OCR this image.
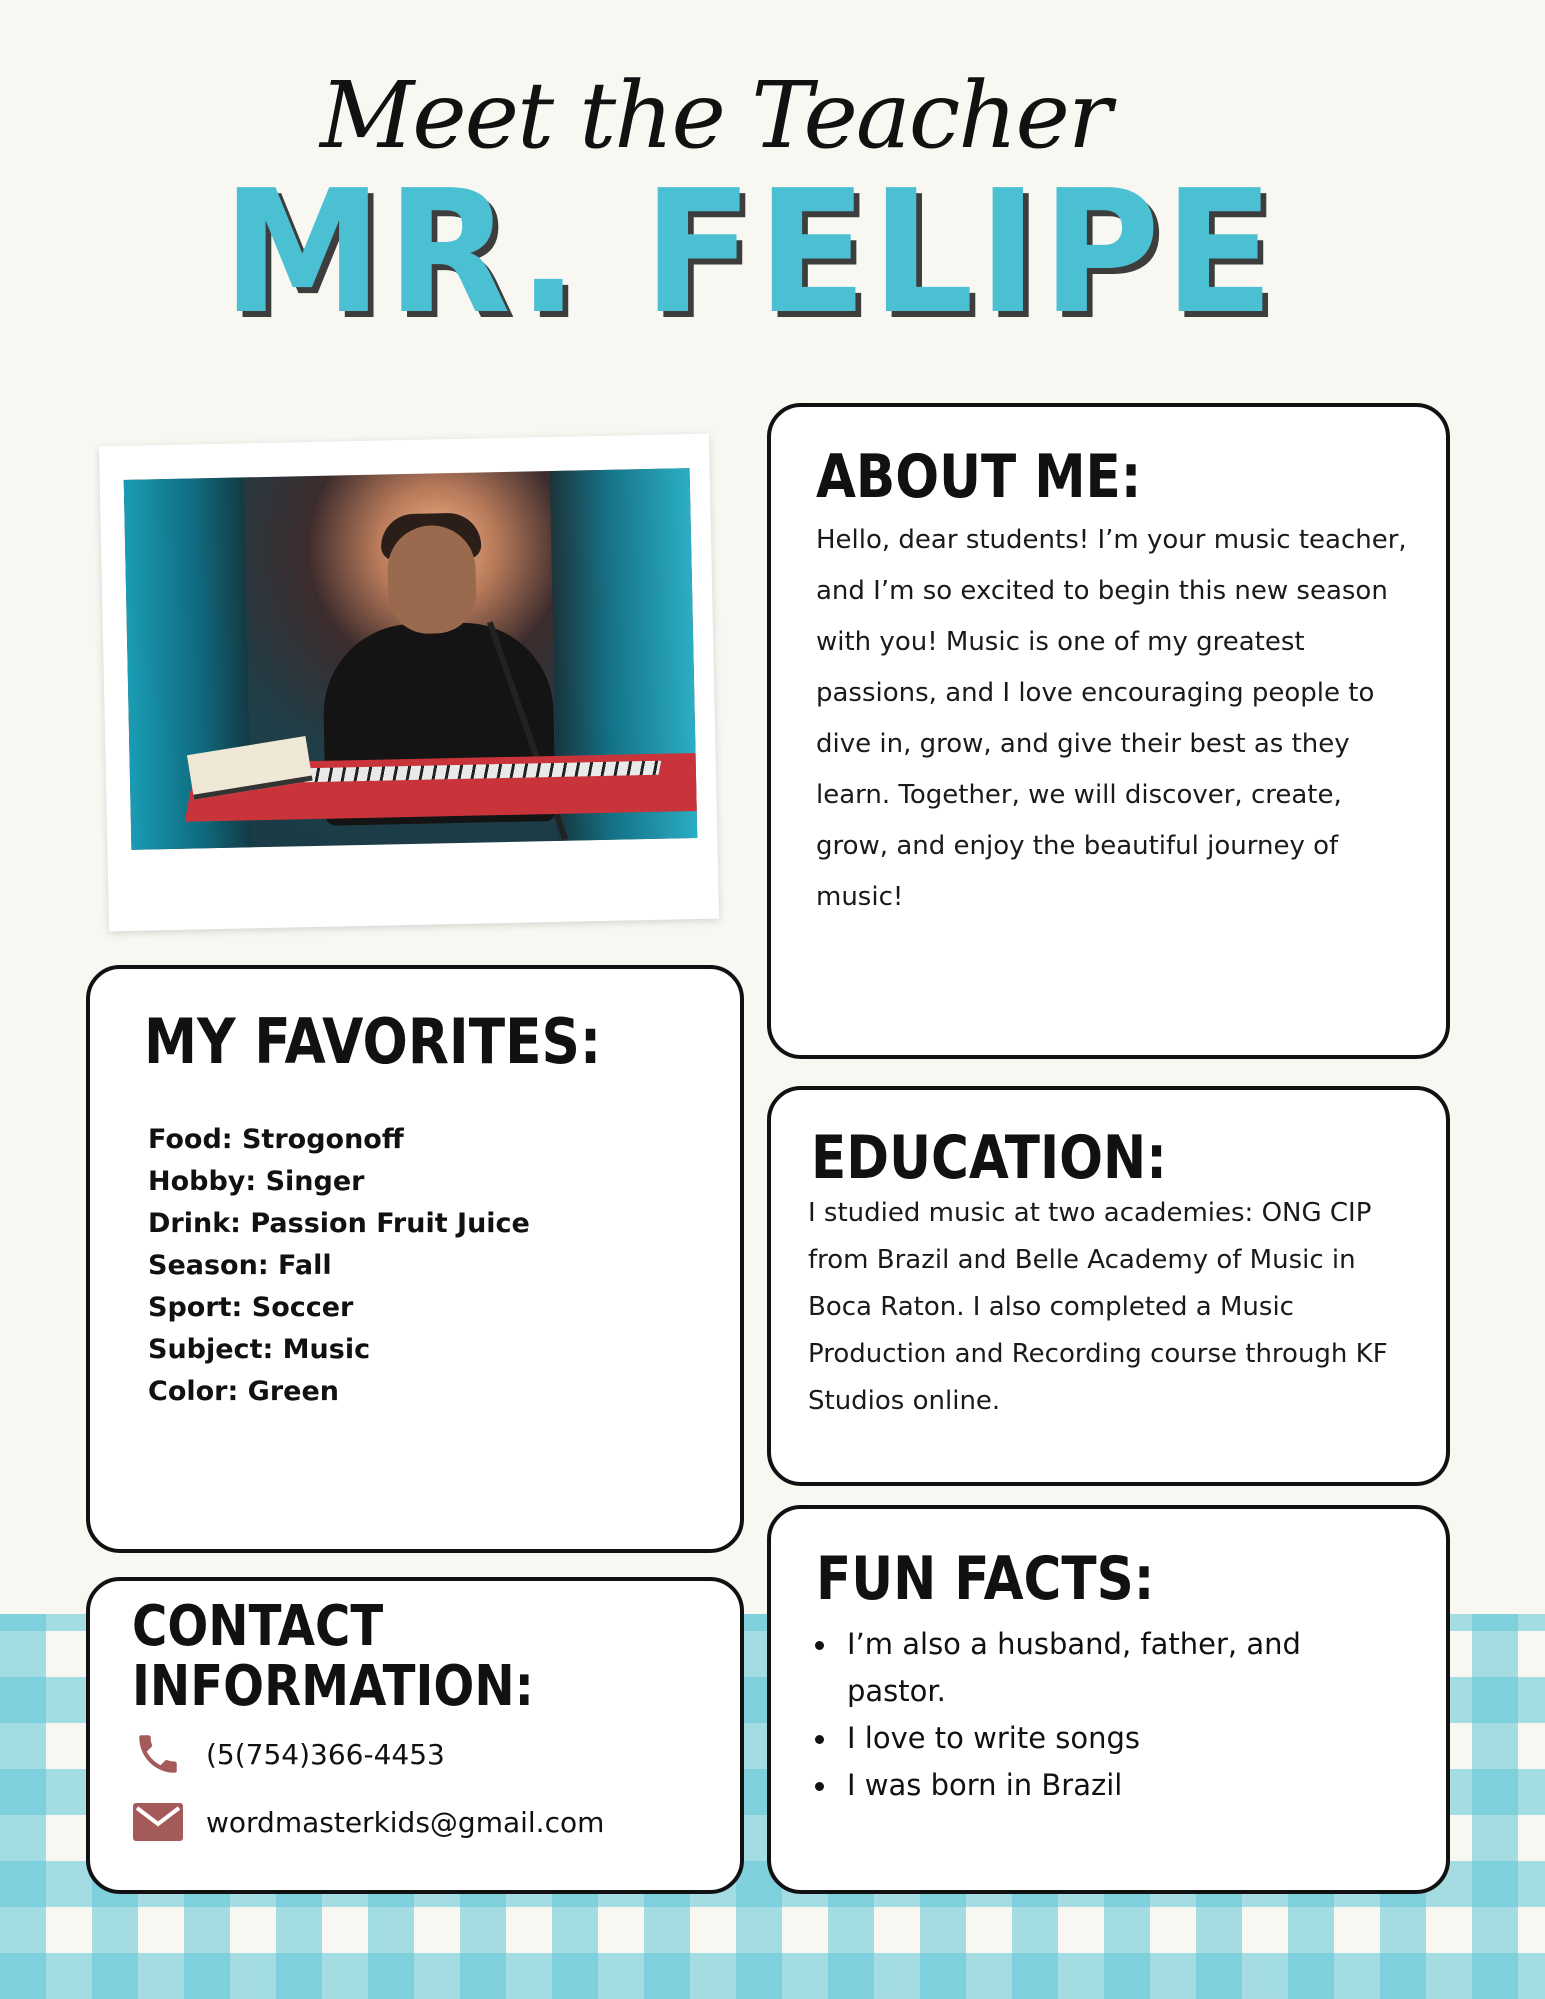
Meet the Teacher
MR. FELIPE
ABOUT ME:
Hello, dear students! I’m your music teacher, and I’m so excited to begin this new season with you! Music is one of my greatest passions, and I love encouraging people to dive in, grow, and give their best as they learn. Together, we will discover, create, grow, and enjoy the beautiful journey of music!
MY FAVORITES:
Food: Strogonoff
Hobby: Singer
Drink: Passion Fruit Juice
Season: Fall
Sport: Soccer
Subject: Music
Color: Green
EDUCATION:
I studied music at two academies: ONG CIP from Brazil and Belle Academy of Music in Boca Raton. I also completed a Music Production and Recording course through KF Studios online.
CONTACT
INFORMATION:
(5(754)366-4453
wordmasterkids@gmail.com
FUN FACTS:
I’m also a husband, father, and pastor.
I love to write songs
I was born in Brazil
